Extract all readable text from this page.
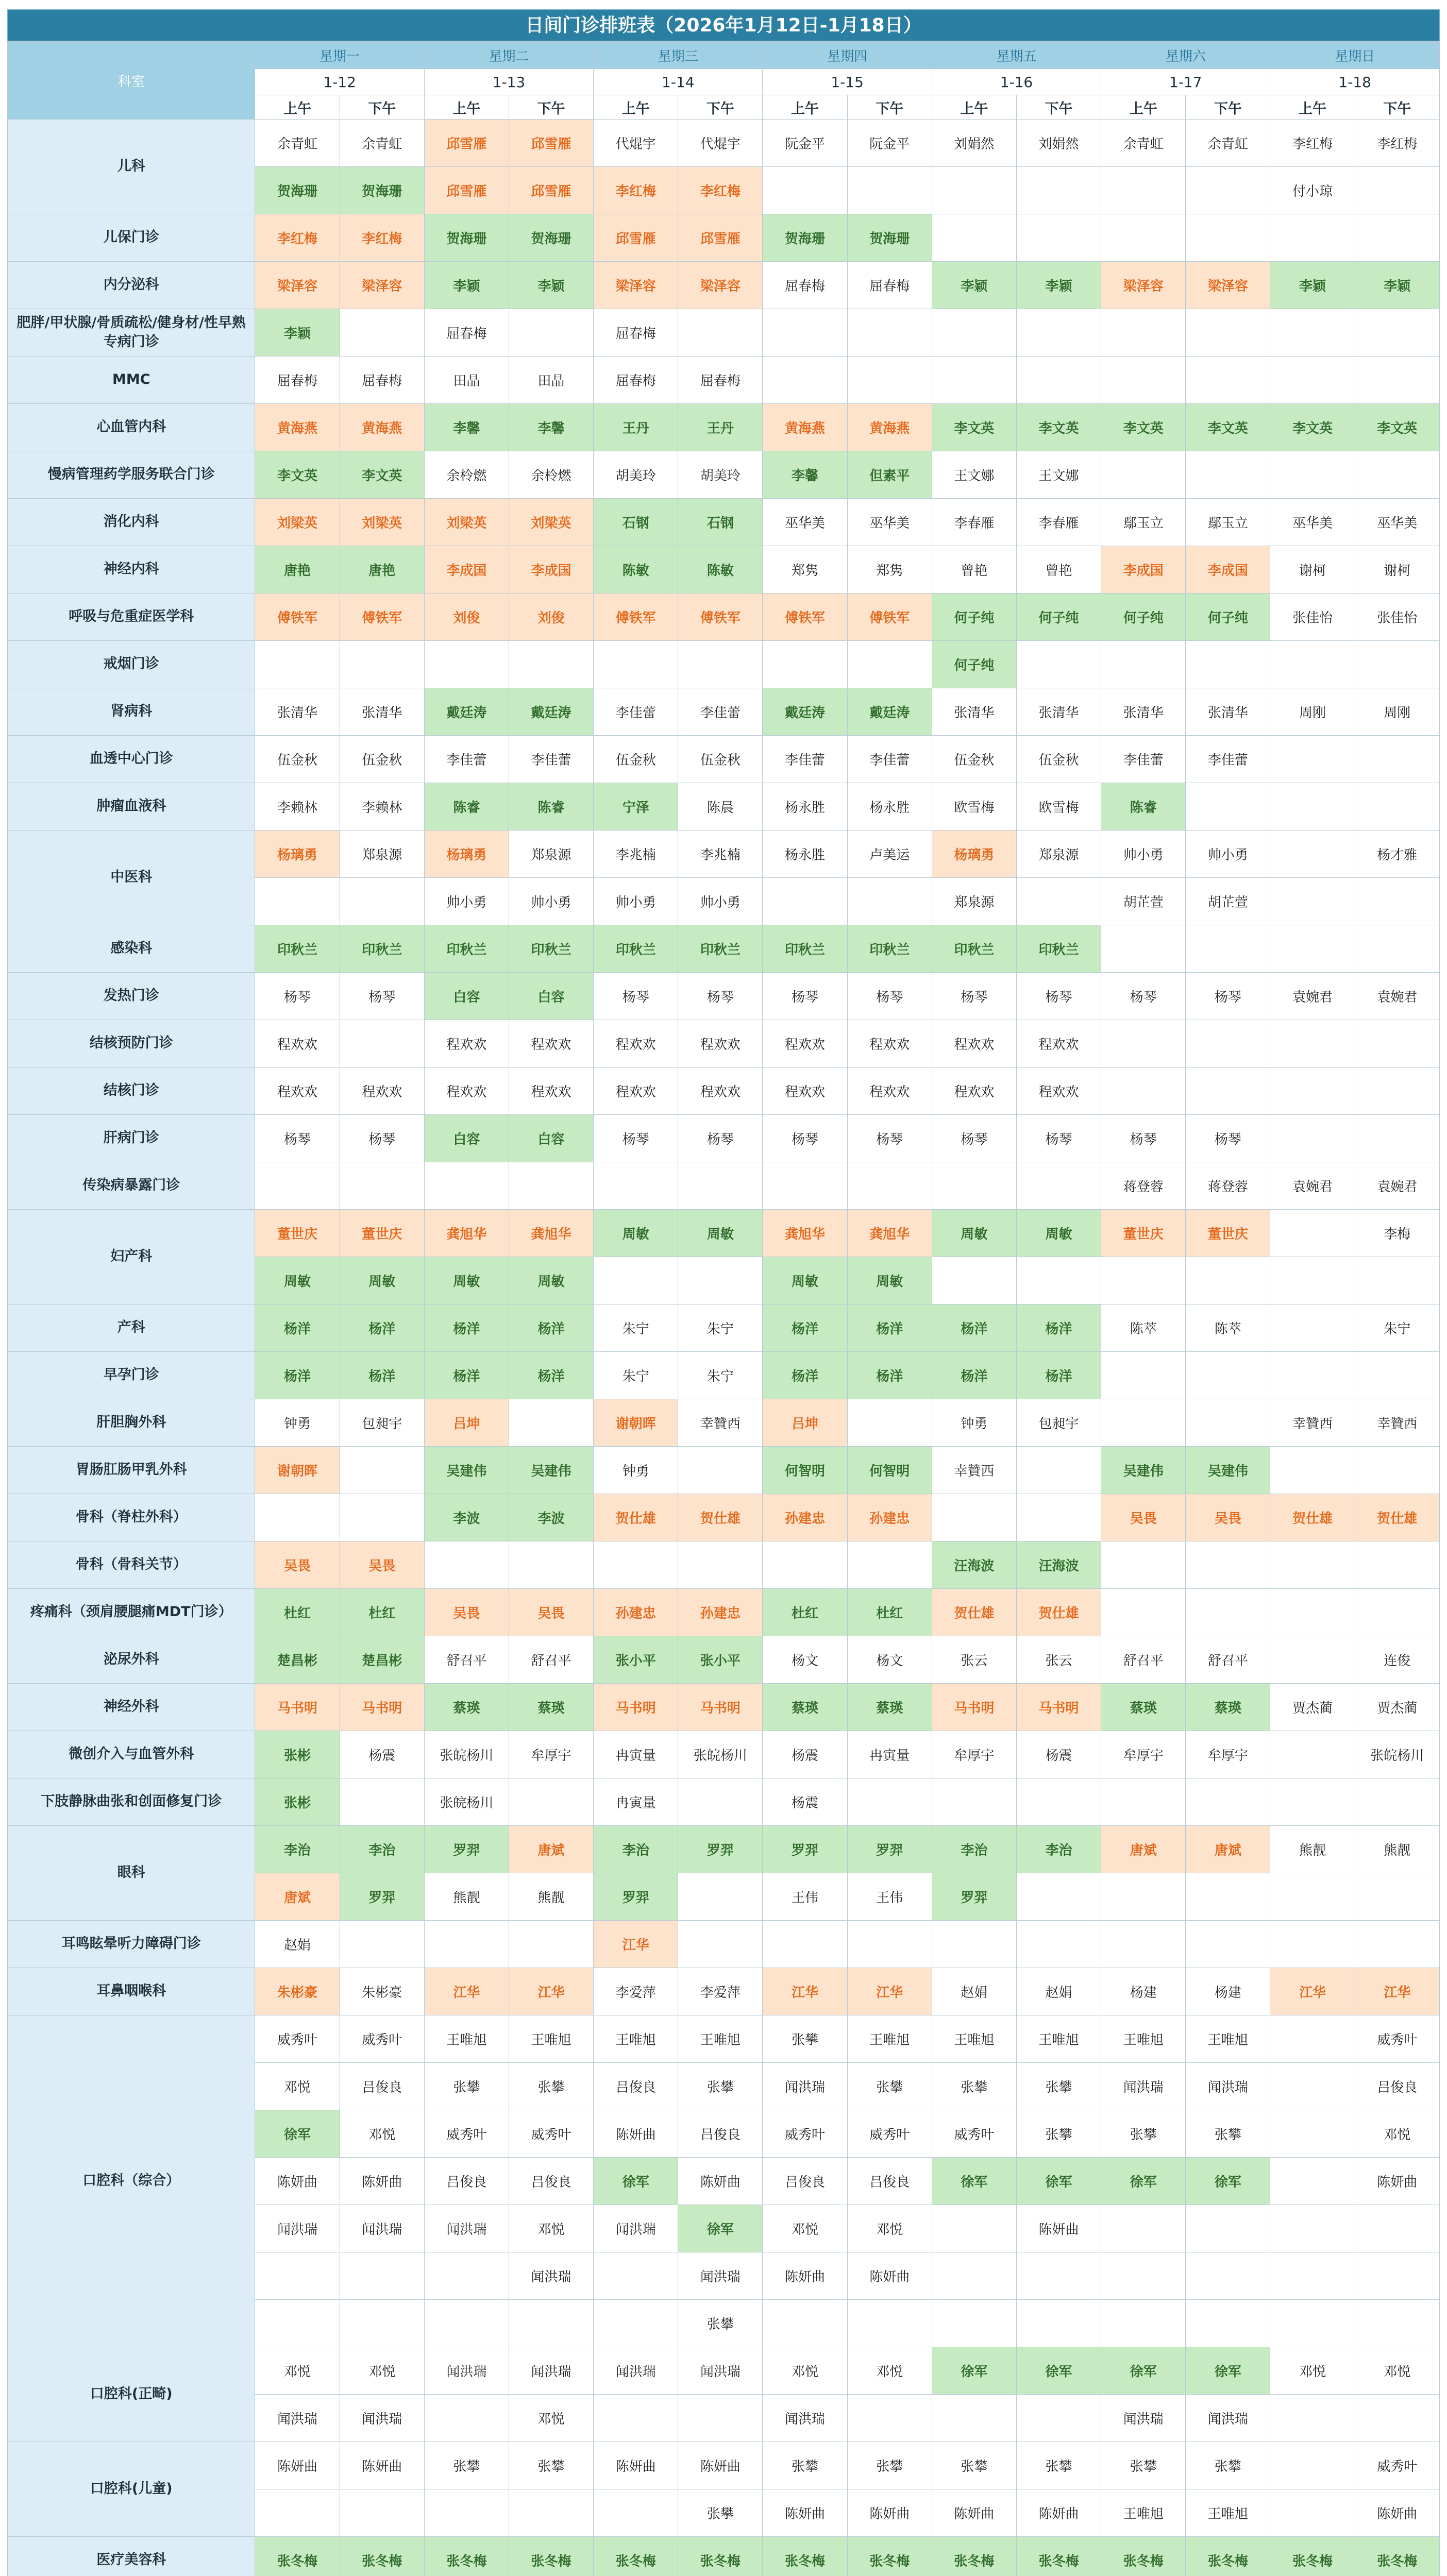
日间门诊排班表（2026年1月12日-1月18日）
科室	星期一		星期二		星期三		星期四		星期五		星期六		星期日	
	1-12		1-13		1-14		1-15		1-16		1-17		1-18	
	上午	下午	上午	下午	上午	下午	上午	下午	上午	下午	上午	下午	上午	下午
儿科	余青虹	余青虹	邱雪雁	邱雪雁	代焜宇	代焜宇	阮金平	阮金平	刘娟然	刘娟然	余青虹	余青虹	李红梅	李红梅
	贺海珊	贺海珊	邱雪雁	邱雪雁	李红梅	李红梅							付小琼	
儿保门诊	李红梅	李红梅	贺海珊	贺海珊	邱雪雁	邱雪雁	贺海珊	贺海珊						
内分泌科	梁泽容	梁泽容	李颖	李颖	梁泽容	梁泽容	屈春梅	屈春梅	李颖	李颖	梁泽容	梁泽容	李颖	李颖
肥胖/甲状腺/骨质疏松/健身材/性早熟专病门诊	李颖		屈春梅		屈春梅									
MMC	屈春梅	屈春梅	田晶	田晶	屈春梅	屈春梅								
心血管内科	黄海燕	黄海燕	李馨	李馨	王丹	王丹	黄海燕	黄海燕	李文英	李文英	李文英	李文英	李文英	李文英
慢病管理药学服务联合门诊	李文英	李文英	余柃燃	余柃燃	胡美玲	胡美玲	李馨	但素平	王文娜	王文娜				
消化内科	刘梁英	刘梁英	刘梁英	刘梁英	石钢	石钢	巫华美	巫华美	李春雁	李春雁	鄢玉立	鄢玉立	巫华美	巫华美
神经内科	唐艳	唐艳	李成国	李成国	陈敏	陈敏	郑隽	郑隽	曾艳	曾艳	李成国	李成国	谢柯	谢柯
呼吸与危重症医学科	傅铁军	傅铁军	刘俊	刘俊	傅铁军	傅铁军	傅铁军	傅铁军	何子纯	何子纯	何子纯	何子纯	张佳怡	张佳怡
戒烟门诊									何子纯					
肾病科	张清华	张清华	戴廷涛	戴廷涛	李佳蕾	李佳蕾	戴廷涛	戴廷涛	张清华	张清华	张清华	张清华	周刚	周刚
血透中心门诊	伍金秋	伍金秋	李佳蕾	李佳蕾	伍金秋	伍金秋	李佳蕾	李佳蕾	伍金秋	伍金秋	李佳蕾	李佳蕾		
肿瘤血液科	李赖林	李赖林	陈睿	陈睿	宁泽	陈晨	杨永胜	杨永胜	欧雪梅	欧雪梅	陈睿			
中医科	杨璃勇	郑泉源	杨璃勇	郑泉源	李兆楠	李兆楠	杨永胜	卢美运	杨璃勇	郑泉源	帅小勇	帅小勇		杨才雅
			帅小勇	帅小勇	帅小勇	帅小勇			郑泉源		胡芷萱	胡芷萱		
感染科	印秋兰	印秋兰	印秋兰	印秋兰	印秋兰	印秋兰	印秋兰	印秋兰	印秋兰	印秋兰				
发热门诊	杨琴	杨琴	白容	白容	杨琴	杨琴	杨琴	杨琴	杨琴	杨琴	杨琴	杨琴	袁婉君	袁婉君
结核预防门诊	程欢欢		程欢欢	程欢欢	程欢欢	程欢欢	程欢欢	程欢欢	程欢欢	程欢欢				
结核门诊	程欢欢	程欢欢	程欢欢	程欢欢	程欢欢	程欢欢	程欢欢	程欢欢	程欢欢	程欢欢				
肝病门诊	杨琴	杨琴	白容	白容	杨琴	杨琴	杨琴	杨琴	杨琴	杨琴	杨琴	杨琴		
传染病暴露门诊											蒋登蓉	蒋登蓉	袁婉君	袁婉君
妇产科	董世庆	董世庆	龚旭华	龚旭华	周敏	周敏	龚旭华	龚旭华	周敏	周敏	董世庆	董世庆		李梅
	周敏	周敏	周敏	周敏			周敏	周敏						
产科	杨洋	杨洋	杨洋	杨洋	朱宁	朱宁	杨洋	杨洋	杨洋	杨洋	陈萃	陈萃		朱宁
早孕门诊	杨洋	杨洋	杨洋	杨洋	朱宁	朱宁	杨洋	杨洋	杨洋	杨洋				
肝胆胸外科	钟勇	包昶宇	吕坤		谢朝晖	幸贊西	吕坤		钟勇	包昶宇			幸贊西	幸贊西
胃肠肛肠甲乳外科	谢朝晖		吴建伟	吴建伟	钟勇		何智明	何智明	幸贊西		吴建伟	吴建伟		
骨科（脊柱外科）			李波	李波	贺仕雄	贺仕雄	孙建忠	孙建忠			吴畏	吴畏	贺仕雄	贺仕雄
骨科（骨科关节）	吴畏	吴畏							汪海波	汪海波				
疼痛科（颈肩腰腿痛MDT门诊）	杜红	杜红	吴畏	吴畏	孙建忠	孙建忠	杜红	杜红	贺仕雄	贺仕雄				
泌尿外科	楚昌彬	楚昌彬	舒召平	舒召平	张小平	张小平	杨文	杨文	张云	张云	舒召平	舒召平		连俊
神经外科	马书明	马书明	蔡瑛	蔡瑛	马书明	马书明	蔡瑛	蔡瑛	马书明	马书明	蔡瑛	蔡瑛	贾杰蔺	贾杰蔺
微创介入与血管外科	张彬	杨震	张皖杨川	牟厚宇	冉寅量	张皖杨川	杨震	冉寅量	牟厚宇	杨震	牟厚宇	牟厚宇		张皖杨川
下肢静脉曲张和创面修复门诊	张彬		张皖杨川		冉寅量		杨震							
眼科	李治	李治	罗羿	唐斌	李治	罗羿	罗羿	罗羿	李治	李治	唐斌	唐斌	熊靓	熊靓
	唐斌	罗羿	熊靓	熊靓	罗羿		王伟	王伟	罗羿					
耳鸣眩晕听力障碍门诊	赵娟				江华									
耳鼻咽喉科	朱彬豪	朱彬豪	江华	江华	李爱萍	李爱萍	江华	江华	赵娟	赵娟	杨建	杨建	江华	江华
口腔科（综合）	威秀叶	威秀叶	王唯旭	王唯旭	王唯旭	王唯旭	张攀	王唯旭	王唯旭	王唯旭	王唯旭	王唯旭		威秀叶
	邓悦	吕俊良	张攀	张攀	吕俊良	张攀	闻洪瑞	张攀	张攀	张攀	闻洪瑞	闻洪瑞		吕俊良
	徐军	邓悦	威秀叶	威秀叶	陈妍曲	吕俊良	威秀叶	威秀叶	威秀叶	张攀	张攀	张攀		邓悦
	陈妍曲	陈妍曲	吕俊良	吕俊良	徐军	陈妍曲	吕俊良	吕俊良	徐军	徐军	徐军	徐军		陈妍曲
	闻洪瑞	闻洪瑞	闻洪瑞	邓悦	闻洪瑞	徐军	邓悦	邓悦		陈妍曲				
				闻洪瑞		闻洪瑞	陈妍曲	陈妍曲						
						张攀								
口腔科(正畸)	邓悦	邓悦	闻洪瑞	闻洪瑞	闻洪瑞	闻洪瑞	邓悦	邓悦	徐军	徐军	徐军	徐军	邓悦	邓悦
	闻洪瑞	闻洪瑞		邓悦			闻洪瑞				闻洪瑞	闻洪瑞		
口腔科(儿童)	陈妍曲	陈妍曲	张攀	张攀	陈妍曲	陈妍曲	张攀	张攀	张攀	张攀	张攀	张攀		威秀叶
						张攀	陈妍曲	陈妍曲	陈妍曲	陈妍曲	王唯旭	王唯旭		陈妍曲
医疗美容科	张冬梅	张冬梅	张冬梅	张冬梅	张冬梅	张冬梅	张冬梅	张冬梅	张冬梅	张冬梅	张冬梅	张冬梅	张冬梅	张冬梅
